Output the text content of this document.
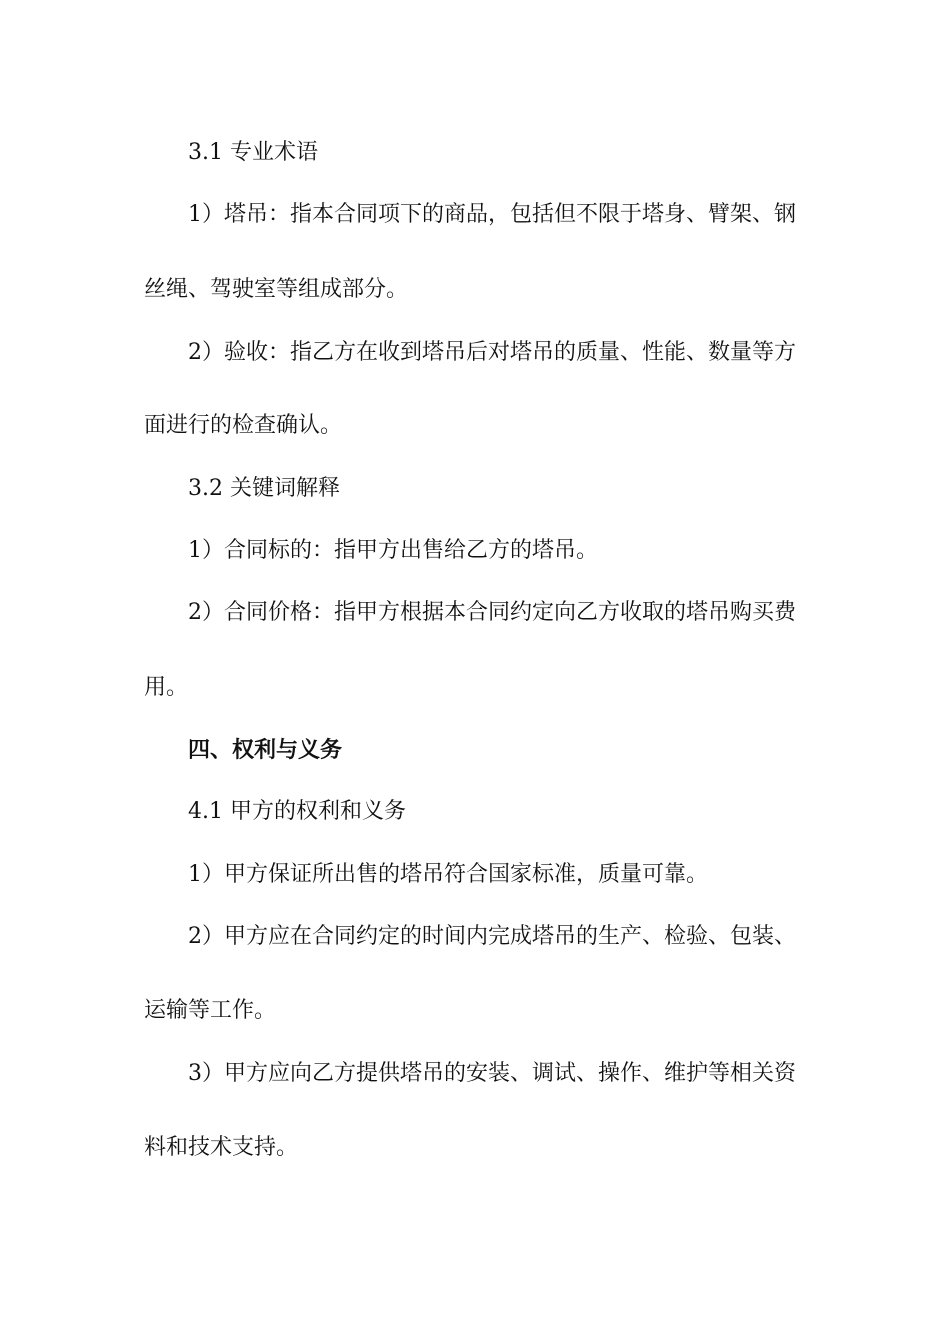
3.1 专业术语

1）塔吊：指本合同项下的商品，包括但不限于塔身、臂架、钢

丝绳、驾驶室等组成部分。

2）验收：指乙方在收到塔吊后对塔吊的质量、性能、数量等方

面进行的检查确认。

3.2 关键词解释

1）合同标的：指甲方出售给乙方的塔吊。

2）合同价格：指甲方根据本合同约定向乙方收取的塔吊购买费

用。

四、权利与义务

4.1 甲方的权利和义务

1）甲方保证所出售的塔吊符合国家标准，质量可靠。

2）甲方应在合同约定的时间内完成塔吊的生产、检验、包装、

运输等工作。

3）甲方应向乙方提供塔吊的安装、调试、操作、维护等相关资

料和技术支持。
